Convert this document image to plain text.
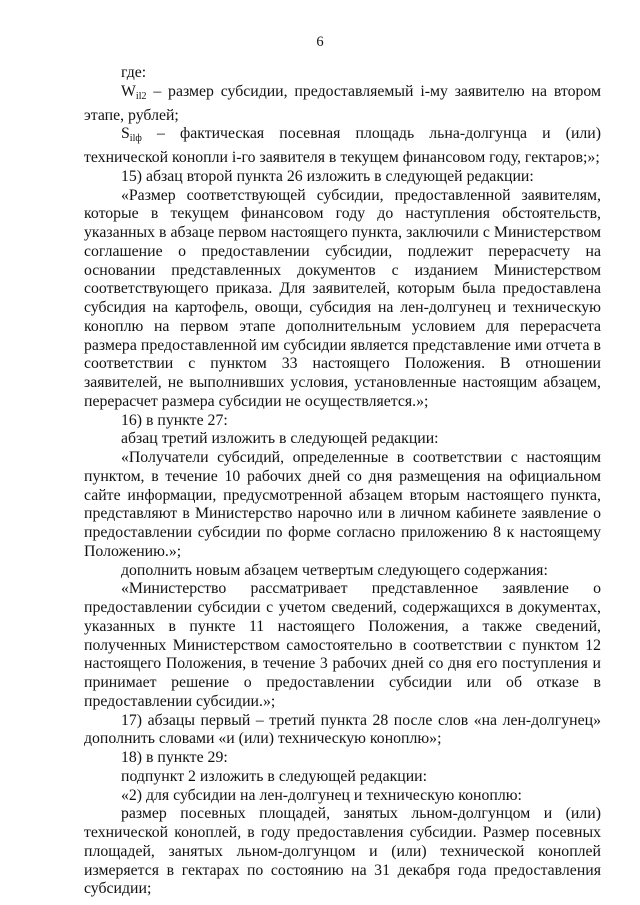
6

где:

$W_{il2}$ – размер субсидии, предоставляемый i-му заявителю на втором этапе, рублей;

$S_{ilф}$ – фактическая посевная площадь льна-долгунца и (или) технической конопли i-го заявителя в текущем финансовом году, гектаров;»;

15) абзац второй пункта 26 изложить в следующей редакции:

«Размер соответствующей субсидии, предоставленной заявителям, которые в текущем финансовом году до наступления обстоятельств, указанных в абзаце первом настоящего пункта, заключили с Министерством соглашение о предоставлении субсидии, подлежит перерасчету на основании представленных документов с изданием Министерством соответствующего приказа. Для заявителей, которым была предоставлена субсидия на картофель, овощи, субсидия на лен-долгунец и техническую коноплю на первом этапе дополнительным условием для перерасчета размера предоставленной им субсидии является представление ими отчета в соответствии с пунктом 33 настоящего Положения. В отношении заявителей, не выполнивших условия, установленные настоящим абзацем, перерасчет размера субсидии не осуществляется.»;

16) в пункте 27:

абзац третий изложить в следующей редакции:

«Получатели субсидий, определенные в соответствии с настоящим пунктом, в течение 10 рабочих дней со дня размещения на официальном сайте информации, предусмотренной абзацем вторым настоящего пункта, представляют в Министерство нарочно или в личном кабинете заявление о предоставлении субсидии по форме согласно приложению 8 к настоящему Положению.»;

дополнить новым абзацем четвертым следующего содержания:

«Министерство рассматривает представленное заявление о предоставлении субсидии с учетом сведений, содержащихся в документах, указанных в пункте 11 настоящего Положения, а также сведений, полученных Министерством самостоятельно в соответствии с пунктом 12 настоящего Положения, в течение 3 рабочих дней со дня его поступления и принимает решение о предоставлении субсидии или об отказе в предоставлении субсидии.»;

17) абзацы первый – третий пункта 28 после слов «на лен-долгунец» дополнить словами «и (или) техническую коноплю»;

18) в пункте 29:

подпункт 2 изложить в следующей редакции:

«2) для субсидии на лен-долгунец и техническую коноплю:

размер посевных площадей, занятых льном-долгунцом и (или) технической коноплей, в году предоставления субсидии. Размер посевных площадей, занятых льном-долгунцом и (или) технической коноплей измеряется в гектарах по состоянию на 31 декабря года предоставления субсидии;
